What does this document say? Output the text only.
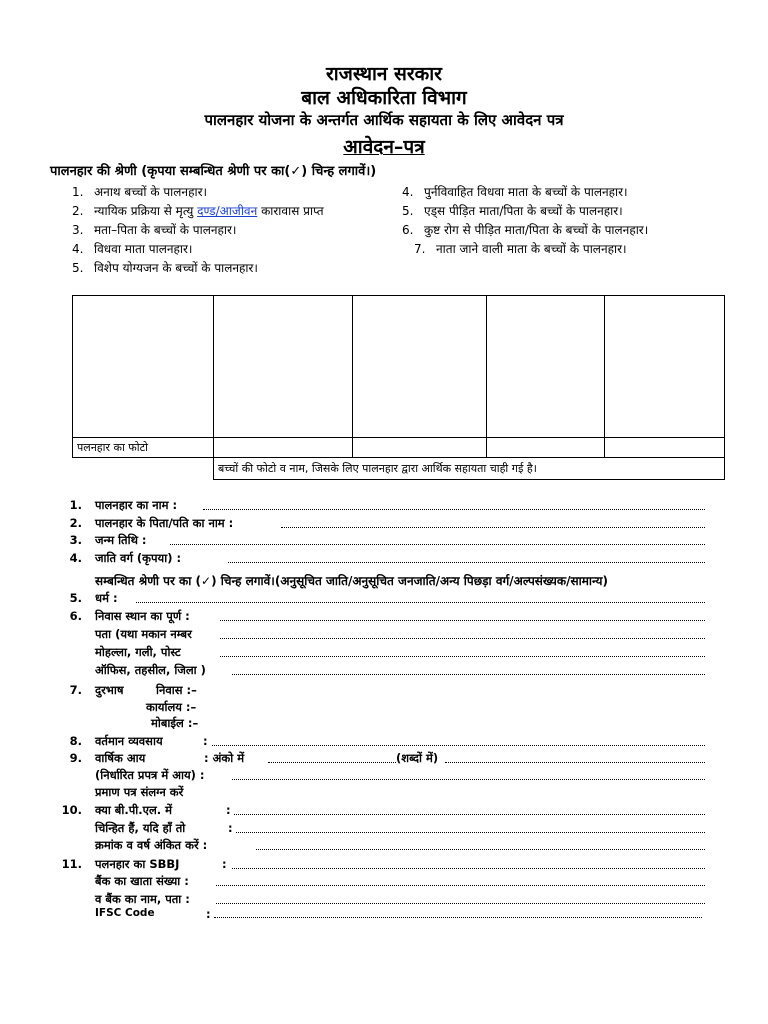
राजस्थान सरकार
बाल अधिकारिता विभाग
पालनहार योजना के अन्तर्गत आर्थिक सहायता के लिए आवेदन पत्र
आवेदन–पत्र
पालनहार की श्रेणी (कृपया सम्बन्धित श्रेणी पर का(✓) चिन्ह लगावें।)
1. अनाथ बच्चों के पालनहार।
2. न्यायिक प्रक्रिया से मृत्यु दण्ड/आजीवन कारावास प्राप्त
3. मता–पिता के बच्चों के पालनहार।
4. विधवा माता पालनहार।
5. विशेप योग्यजन के बच्चों के पालनहार।
4. पुर्नविवाहित विधवा माता के बच्चों के पालनहार।
5. एड्स पीड़ित माता/पिता के बच्चों के पालनहार।
6. कुष्ट रोग से पीड़ित माता/पिता के बच्चों के पालनहार।
7. नाता जाने वाली माता के बच्चों के पालनहार।

पलनहार का फोटो				
	बच्चों की फोटो व नाम, जिसके लिए पालनहार द्वारा आर्थिक सहायता चाही गई है।			
1. पालनहार का नाम :
2. पालनहार के पिता/पति का नाम :
3. जन्म तिथि :
4. जाति वर्ग (कृपया) :
सम्बन्धित श्रेणी पर का (✓) चिन्ह लगावें।(अनुसूचित जाति/अनुसूचित जनजाति/अन्य पिछड़ा वर्ग/अल्पसंख्यक/सामान्य)
5. धर्म :
6. निवास स्थान का पूर्ण :
पता (यथा मकान नम्बर
मोहल्ला, गली, पोस्ट
ऑफिस, तहसील, जिला )
7. दुरभाष	निवास :–
कार्यालय :–
मोबाईल :–
8. वर्तमान व्यवसाय	:
9. वार्षिक आय	: अंको में	(शब्दों में)
(निर्धारित प्रपत्र में आय) :
प्रमाण पत्र संलग्न करें
10. क्या बी.पी.एल. में	:
चिन्हित हैं, यदि हाँ तो	:
क्रमांक व वर्ष अंकित करें :
11. पलनहार का SBBJ	:
बैंक का खाता संख्या :
व बैंक का नाम, पता :
IFSC Code	:
